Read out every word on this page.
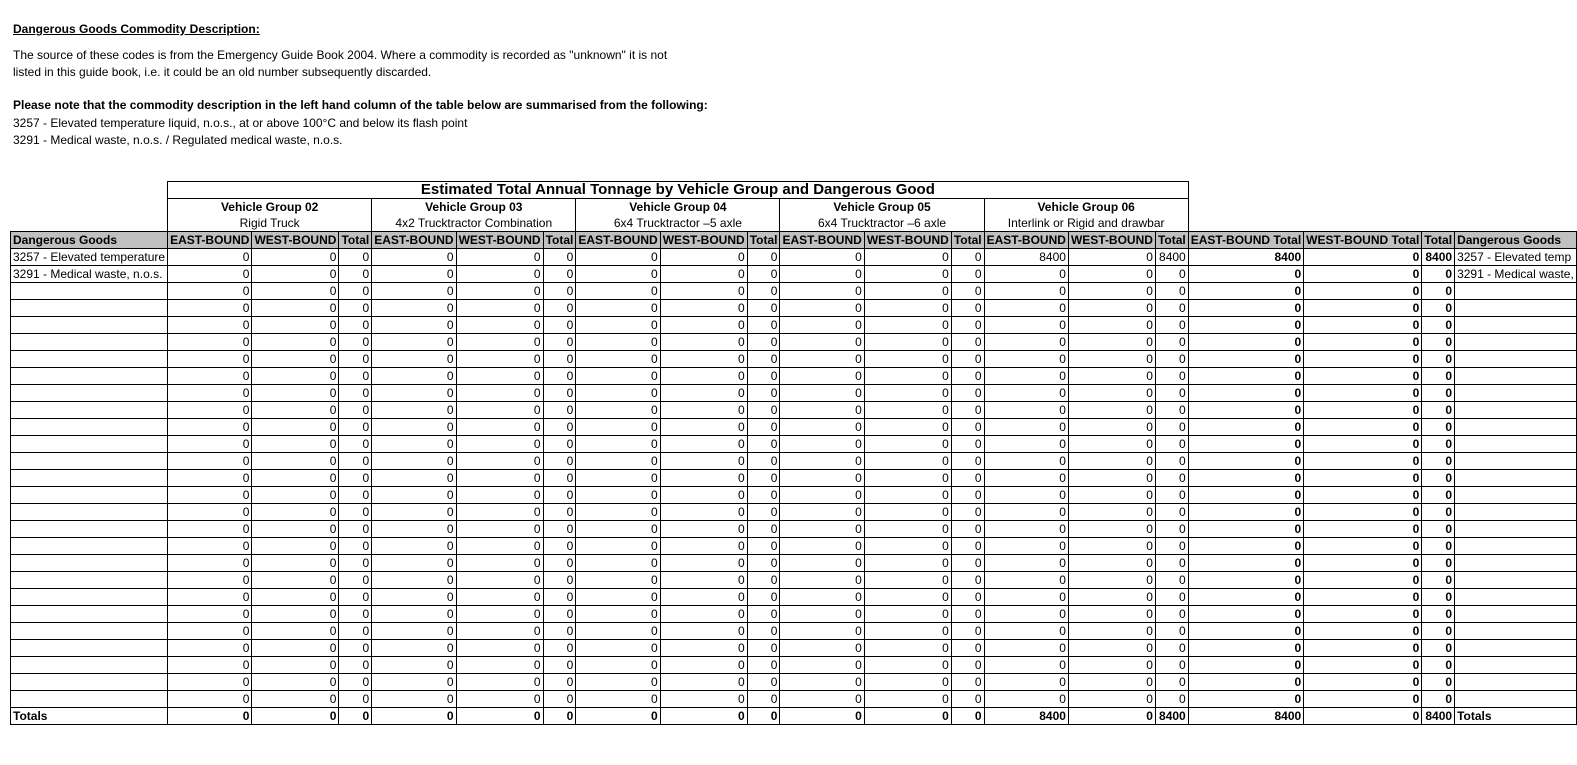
Dangerous Goods Commodity Description:
The source of these codes is from the Emergency Guide Book 2004. Where a commodity is recorded as "unknown" it is not
listed in this guide book, i.e. it could be an old number subsequently discarded.
Please note that the commodity description in the left hand column of the table below are summarised from the following:
3257 - Elevated temperature liquid, n.o.s., at or above 100°C and below its flash point
3291 - Medical waste, n.o.s. / Regulated medical waste, n.o.s.
	Estimated Total Annual Tonnage by Vehicle Group and Dangerous Good																		
	Vehicle Group 02			Vehicle Group 03			Vehicle Group 04			Vehicle Group 05			Vehicle Group 06						
	Rigid Truck			4x2 Trucktractor Combination			6x4 Trucktractor –5 axle			6x4 Trucktractor –6 axle			Interlink or Rigid and drawbar						
Dangerous Goods	EAST-BOUND	WEST-BOUND	Total	EAST-BOUND	WEST-BOUND	Total	EAST-BOUND	WEST-BOUND	Total	EAST-BOUND	WEST-BOUND	Total	EAST-BOUND	WEST-BOUND	Total	EAST-BOUND Total	WEST-BOUND Total	Total	Dangerous Goods
3257 - Elevated temperature	0	0	0	0	0	0	0	0	0	0	0	0	8400	0	8400	8400	0	8400	3257 - Elevated temp
3291 - Medical waste, n.o.s.	0	0	0	0	0	0	0	0	0	0	0	0	0	0	0	0	0	0	3291 - Medical waste,
	0	0	0	0	0	0	0	0	0	0	0	0	0	0	0	0	0	0	
	0	0	0	0	0	0	0	0	0	0	0	0	0	0	0	0	0	0	
	0	0	0	0	0	0	0	0	0	0	0	0	0	0	0	0	0	0	
	0	0	0	0	0	0	0	0	0	0	0	0	0	0	0	0	0	0	
	0	0	0	0	0	0	0	0	0	0	0	0	0	0	0	0	0	0	
	0	0	0	0	0	0	0	0	0	0	0	0	0	0	0	0	0	0	
	0	0	0	0	0	0	0	0	0	0	0	0	0	0	0	0	0	0	
	0	0	0	0	0	0	0	0	0	0	0	0	0	0	0	0	0	0	
	0	0	0	0	0	0	0	0	0	0	0	0	0	0	0	0	0	0	
	0	0	0	0	0	0	0	0	0	0	0	0	0	0	0	0	0	0	
	0	0	0	0	0	0	0	0	0	0	0	0	0	0	0	0	0	0	
	0	0	0	0	0	0	0	0	0	0	0	0	0	0	0	0	0	0	
	0	0	0	0	0	0	0	0	0	0	0	0	0	0	0	0	0	0	
	0	0	0	0	0	0	0	0	0	0	0	0	0	0	0	0	0	0	
	0	0	0	0	0	0	0	0	0	0	0	0	0	0	0	0	0	0	
	0	0	0	0	0	0	0	0	0	0	0	0	0	0	0	0	0	0	
	0	0	0	0	0	0	0	0	0	0	0	0	0	0	0	0	0	0	
	0	0	0	0	0	0	0	0	0	0	0	0	0	0	0	0	0	0	
	0	0	0	0	0	0	0	0	0	0	0	0	0	0	0	0	0	0	
	0	0	0	0	0	0	0	0	0	0	0	0	0	0	0	0	0	0	
	0	0	0	0	0	0	0	0	0	0	0	0	0	0	0	0	0	0	
	0	0	0	0	0	0	0	0	0	0	0	0	0	0	0	0	0	0	
	0	0	0	0	0	0	0	0	0	0	0	0	0	0	0	0	0	0	
	0	0	0	0	0	0	0	0	0	0	0	0	0	0	0	0	0	0	
	0	0	0	0	0	0	0	0	0	0	0	0	0	0	0	0	0	0	
Totals	0	0	0	0	0	0	0	0	0	0	0	0	8400	0	8400	8400	0	8400	Totals
